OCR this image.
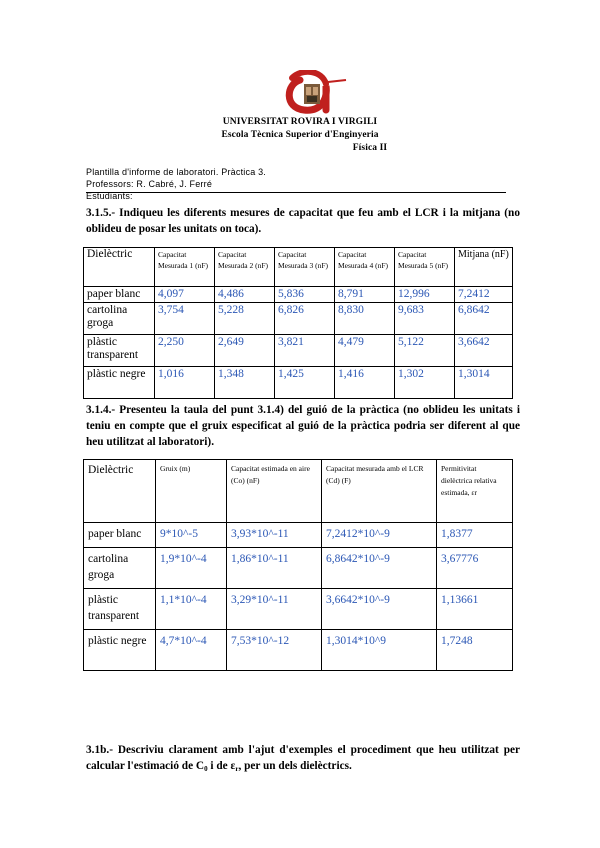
UNIVERSITAT ROVIRA I VIRGILI
Escola Tècnica Superior d'Enginyeria
Física II
Plantilla d'informe de laboratori. Pràctica 3.
Professors: R. Cabré, J. Ferré
Estudiants:
3.1.5.- Indiqueu les diferents mesures de capacitat que feu amb el LCR i la mitjana (no oblideu de posar les unitats on toca).
Dielèctric	Capacitat Mesurada 1 (nF)	Capacitat Mesurada 2 (nF)	Capacitat Mesurada 3 (nF)	Capacitat Mesurada 4 (nF)	Capacitat Mesurada 5 (nF)	Mitjana (nF)
paper blanc	4,097	4,486	5,836	8,791	12,996	7,2412
cartolina groga	3,754	5,228	6,826	8,830	9,683	6,8642
plàstic transparent	2,250	2,649	3,821	4,479	5,122	3,6642
plàstic negre	1,016	1,348	1,425	1,416	1,302	1,3014
3.1.4.- Presenteu la taula del punt 3.1.4) del guió de la pràctica (no oblideu les unitats i teniu en compte que el gruix especificat al guió de la pràctica podria ser diferent al que heu utilitzat al laboratori).
Dielèctric	Gruix (m)	Capacitat estimada en aire (Co) (nF)	Capacitat mesurada amb el LCR (Cd) (F)	Permitivitat dielèctrica relativa estimada, εr
paper blanc	9*10^-5	3,93*10^-11	7,2412*10^-9	1,8377
cartolina groga	1,9*10^-4	1,86*10^-11	6,8642*10^-9	3,67776
plàstic transparent	1,1*10^-4	3,29*10^-11	3,6642*10^-9	1,13661
plàstic negre	4,7*10^-4	7,53*10^-12	1,3014*10^9	1,7248
3.1b.- Descriviu clarament amb l'ajut d'exemples el procediment que heu utilitzat per calcular l'estimació de $C_0$ i de $\varepsilon_r$, per un dels dielèctrics.
